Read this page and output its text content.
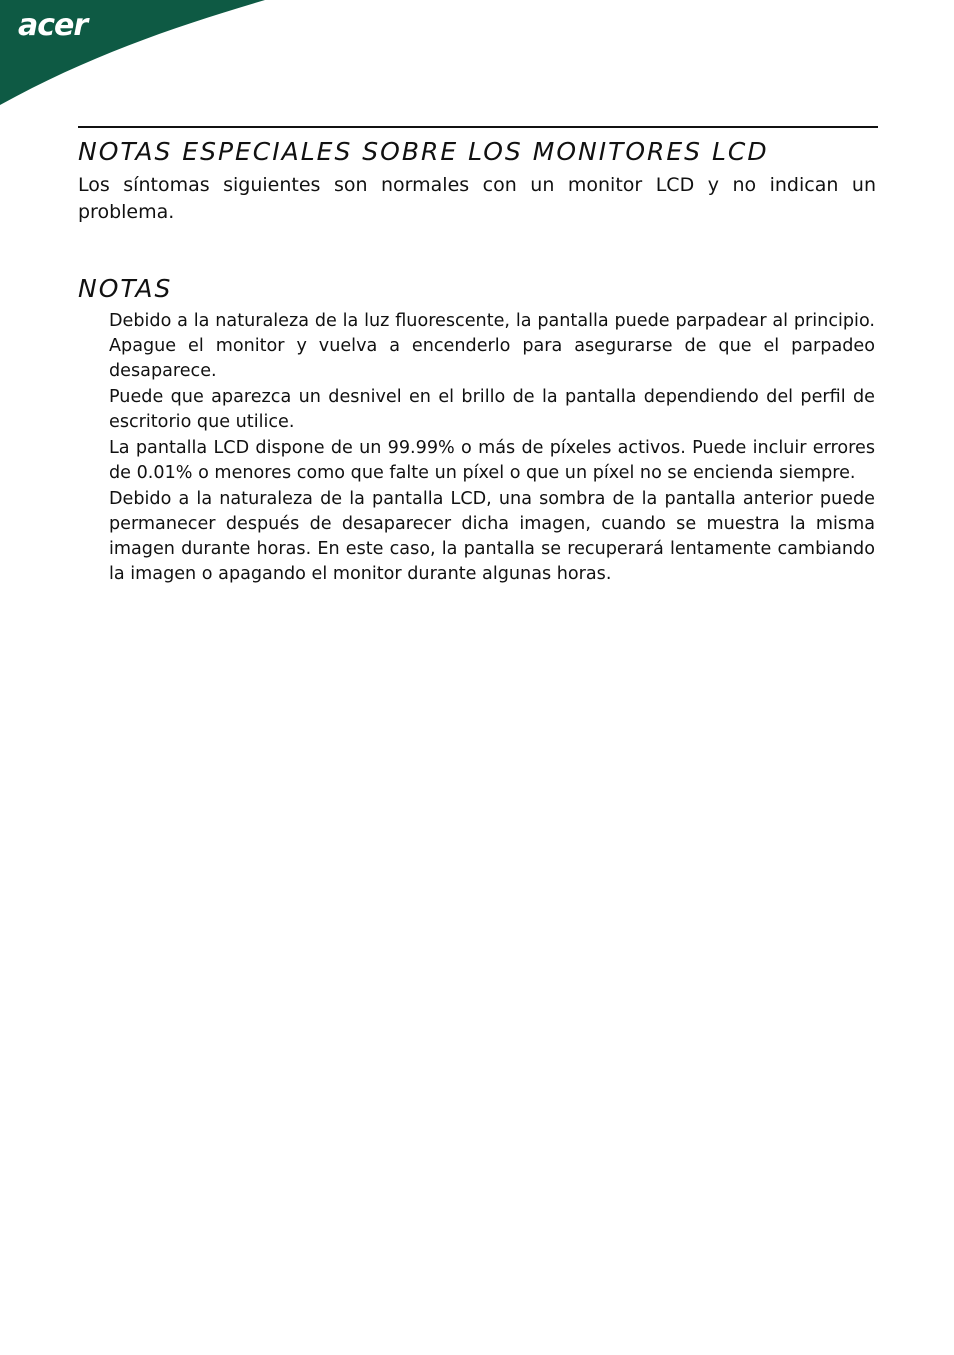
acer
NOTAS ESPECIALES SOBRE LOS MONITORES LCD

Los síntomas siguientes son normales con un monitor LCD y no indican un problema.

NOTAS
Debido a la naturaleza de la luz fluorescente, la pantalla puede parpadear al principio. Apague el monitor y vuelva a encenderlo para asegurarse de que el parpadeo desaparece.
Puede que aparezca un desnivel en el brillo de la pantalla dependiendo del perfil de escritorio que utilice.
La pantalla LCD dispone de un 99.99% o más de píxeles activos. Puede incluir errores de 0.01% o menores como que falte un píxel o que un píxel no se encienda siempre.
Debido a la naturaleza de la pantalla LCD, una sombra de la pantalla anterior puede permanecer después de desaparecer dicha imagen, cuando se muestra la misma imagen durante horas. En este caso, la pantalla se recuperará lentamente cambiando la imagen o apagando el monitor durante algunas horas.
